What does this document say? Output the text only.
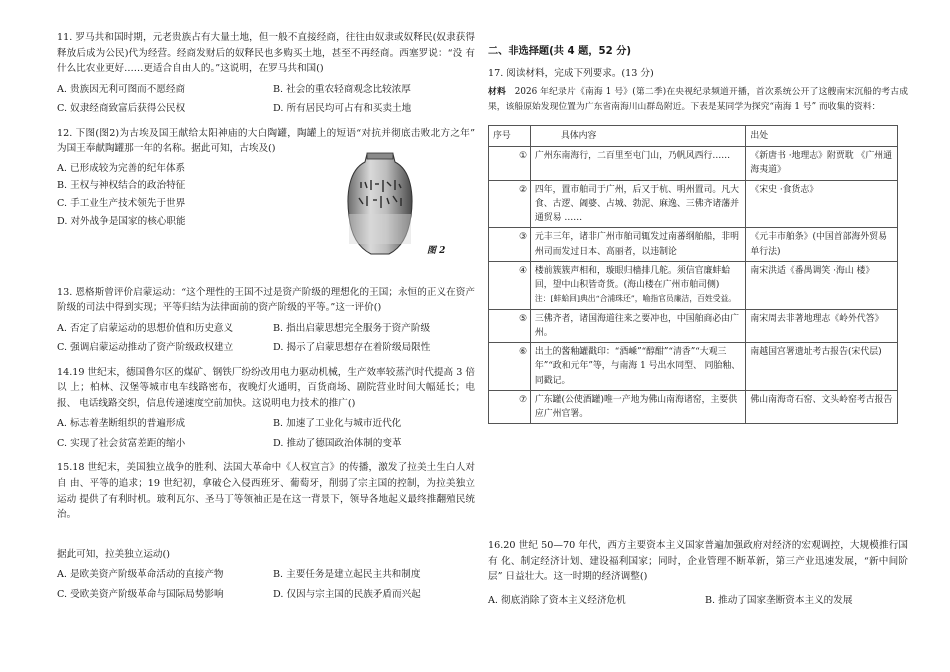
11. 罗马共和国时期，元老贵族占有大量土地，但一般不直接经商，往往由奴隶或奴释民(奴隶获得 释放后成为公民)代为经营。经商发财后的奴释民也多购买土地，甚至不再经商。西塞罗说：“没 有什么比农业更好……更适合自由人的。”这说明，在罗马共和国()

A. 贵族因无利可图而不愿经商	B. 社会的重农轻商观念比较浓厚
C. 奴隶经商致富后获得公民权	D. 所有居民均可占有和买卖土地

12. 下图(图2)为古埃及国王献给太阳神庙的大白陶罐，陶罐上的短语“对抗并彻底击败北方之年” 为国王奉献陶罐那一年的名称。据此可知，古埃及()

A. 已形成较为完善的纪年体系
B. 王权与神权结合的政治特征
C. 手工业生产技术领先于世界
D. 对外战争是国家的核心职能
图 2

13. 恩格斯曾评价启蒙运动：“这个理性的王国不过是资产阶级的理想化的王国；永恒的正义在资产 阶级的司法中得到实现；平等归结为法律面前的资产阶级的平等。”这一评价()

A. 否定了启蒙运动的思想价值和历史意义	B. 指出启蒙思想完全服务于资产阶级
C. 强调启蒙运动推动了资产阶级政权建立	D. 揭示了启蒙思想存在着阶级局限性

14.19 世纪末，德国鲁尔区的煤矿、钢铁厂纷纷改用电力驱动机械，生产效率较蒸汽时代提高 3 倍以 上；柏林、汉堡等城市电车线路密布，夜晚灯火通明，百货商场、剧院营业时间大幅延长；电报、 电话线路交织，信息传递速度空前加快。这说明电力技术的推广()

A. 标志着垄断组织的普遍形成	B. 加速了工业化与城市近代化
C. 实现了社会贫富差距的缩小	D. 推动了德国政治体制的变革

15.18 世纪末，美国独立战争的胜利、法国大革命中《人权宣言》的传播，激发了拉美土生白人对自 由、平等的追求；19 世纪初，拿破仑入侵西班牙、葡萄牙，削弱了宗主国的控制，为拉美独立运动 提供了有利时机。玻利瓦尔、圣马丁等领袖正是在这一背景下，领导各地起义最终推翻殖民统治。

据此可知，拉美独立运动()

A. 是欧美资产阶级革命活动的直接产物	B. 主要任务是建立起民主共和制度
C. 受欧美资产阶级革命与国际局势影响	D. 仅因与宗主国的民族矛盾而兴起
二、非选择题(共 4 题，52 分)

17. 阅读材料，完成下列要求。(13 分)

材料 2026 年纪录片《南海 1 号》(第二季)在央视纪录频道开播，首次系统公开了这艘南宋沉船的考古成果，该船原始发现位置为广东省南海川山群岛附近。下表是某同学为探究“南海 1 号” 而收集的资料：

序号	具体内容	出处
①	广州东南海行，二百里至屯门山，乃帆风西行……	《新唐书 ·地理志》附贾耽 《广州通海夷道》
②	四年，置市舶司于广州，后又于杭、明州置司。凡大食、古逻、阇婆、占城、勃泥、麻逸、三佛齐诸藩并通贸易 ……	《宋史 ·食货志》
③	元丰三年，诸非广州市舶司辄发过南蕃纲舶船，非明州司而发过日本、高丽者，以违制论	《元丰市舶条》(中国首部海外贸易单行法)
④	楼前簇簇声相和，璇眼归樯排几舵。须信官廉蚌蛤回，望中山积皆奇货。(海山楼在广州市舶司侧)
注：[蚌蛤回]典出“合浦珠还”，喻指官员廉洁，百姓受益。	南宋洪适《番禺调笑 ·海山 楼》
⑤	三佛齐者，诸国海道往来之要冲也，中国舶商必由广州。	南宋周去非著地理志《岭外代答》
⑥	出土的酱釉罐戳印：“酒嵊”“醇酣”“清香”“大观三年”“政和元年”等，与南海 1 号出水同型、 同胎釉、同戳记。	南越国宫署遗址考古报告(宋代层)
⑦	广东罐(公使酒罐)唯一产地为佛山南海诸窑，主要供应广州官署。	佛山南海奇石窑、文头岭窑考古报告

16.20 世纪 50—70 年代，西方主要资本主义国家普遍加强政府对经济的宏观调控，大规模推行国有 化、制定经济计划、建设福利国家；同时，企业管理不断革新，第三产业迅速发展，“新中间阶层” 日益壮大。这一时期的经济调整()

A. 彻底消除了资本主义经济危机	B. 推动了国家垄断资本主义的发展
